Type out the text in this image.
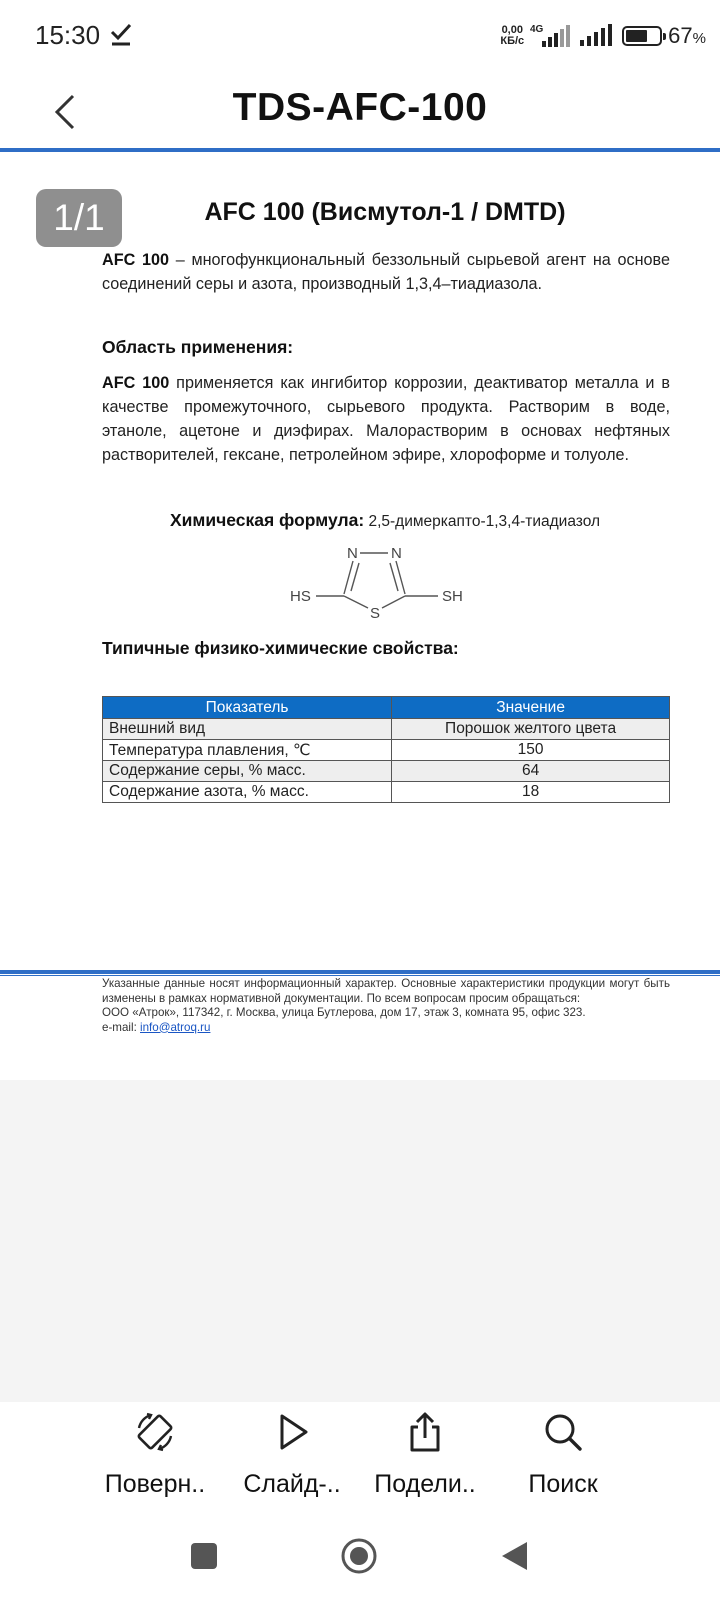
15:30	0,00
КБ/с
4G	67%
TDS-AFC-100
1/1	AFC 100 (Висмутол-1 / DMTD)

AFC 100 – многофункциональный беззольный сырьевой агент на основе соединений серы и азота, производный 1,3,4–тиадиазола.

Область применения:

AFC 100 применяется как ингибитор коррозии, деактиватор металла и в качестве промежуточного, сырьевого продукта. Растворим в воде, этаноле, ацетоне и диэфирах. Малорастворим в основах нефтяных растворителей, гексане, петролейном эфире, хлороформе и толуоле.

Химическая формула: 2,5-димеркапто-1,3,4-тиадиазол
N N
S
HS	SH
Типичные физико-химические свойства:
Показатель	Значение
Внешний вид	Порошок желтого цвета
Температура плавления, ℃	150
Содержание серы, % масс.	64
Содержание азота, % масс.	18
Указанные данные носят информационный характер. Основные характеристики продукции могут быть изменены в рамках нормативной документации. По всем вопросам просим обращаться:
ООО «Атрок», 117342, г. Москва, улица Бутлерова, дом 17, этаж 3, комната 95, офис 323.
e-mail: info@atroq.ru
Поверн..	Слайд-..	Подели..	Поиск
